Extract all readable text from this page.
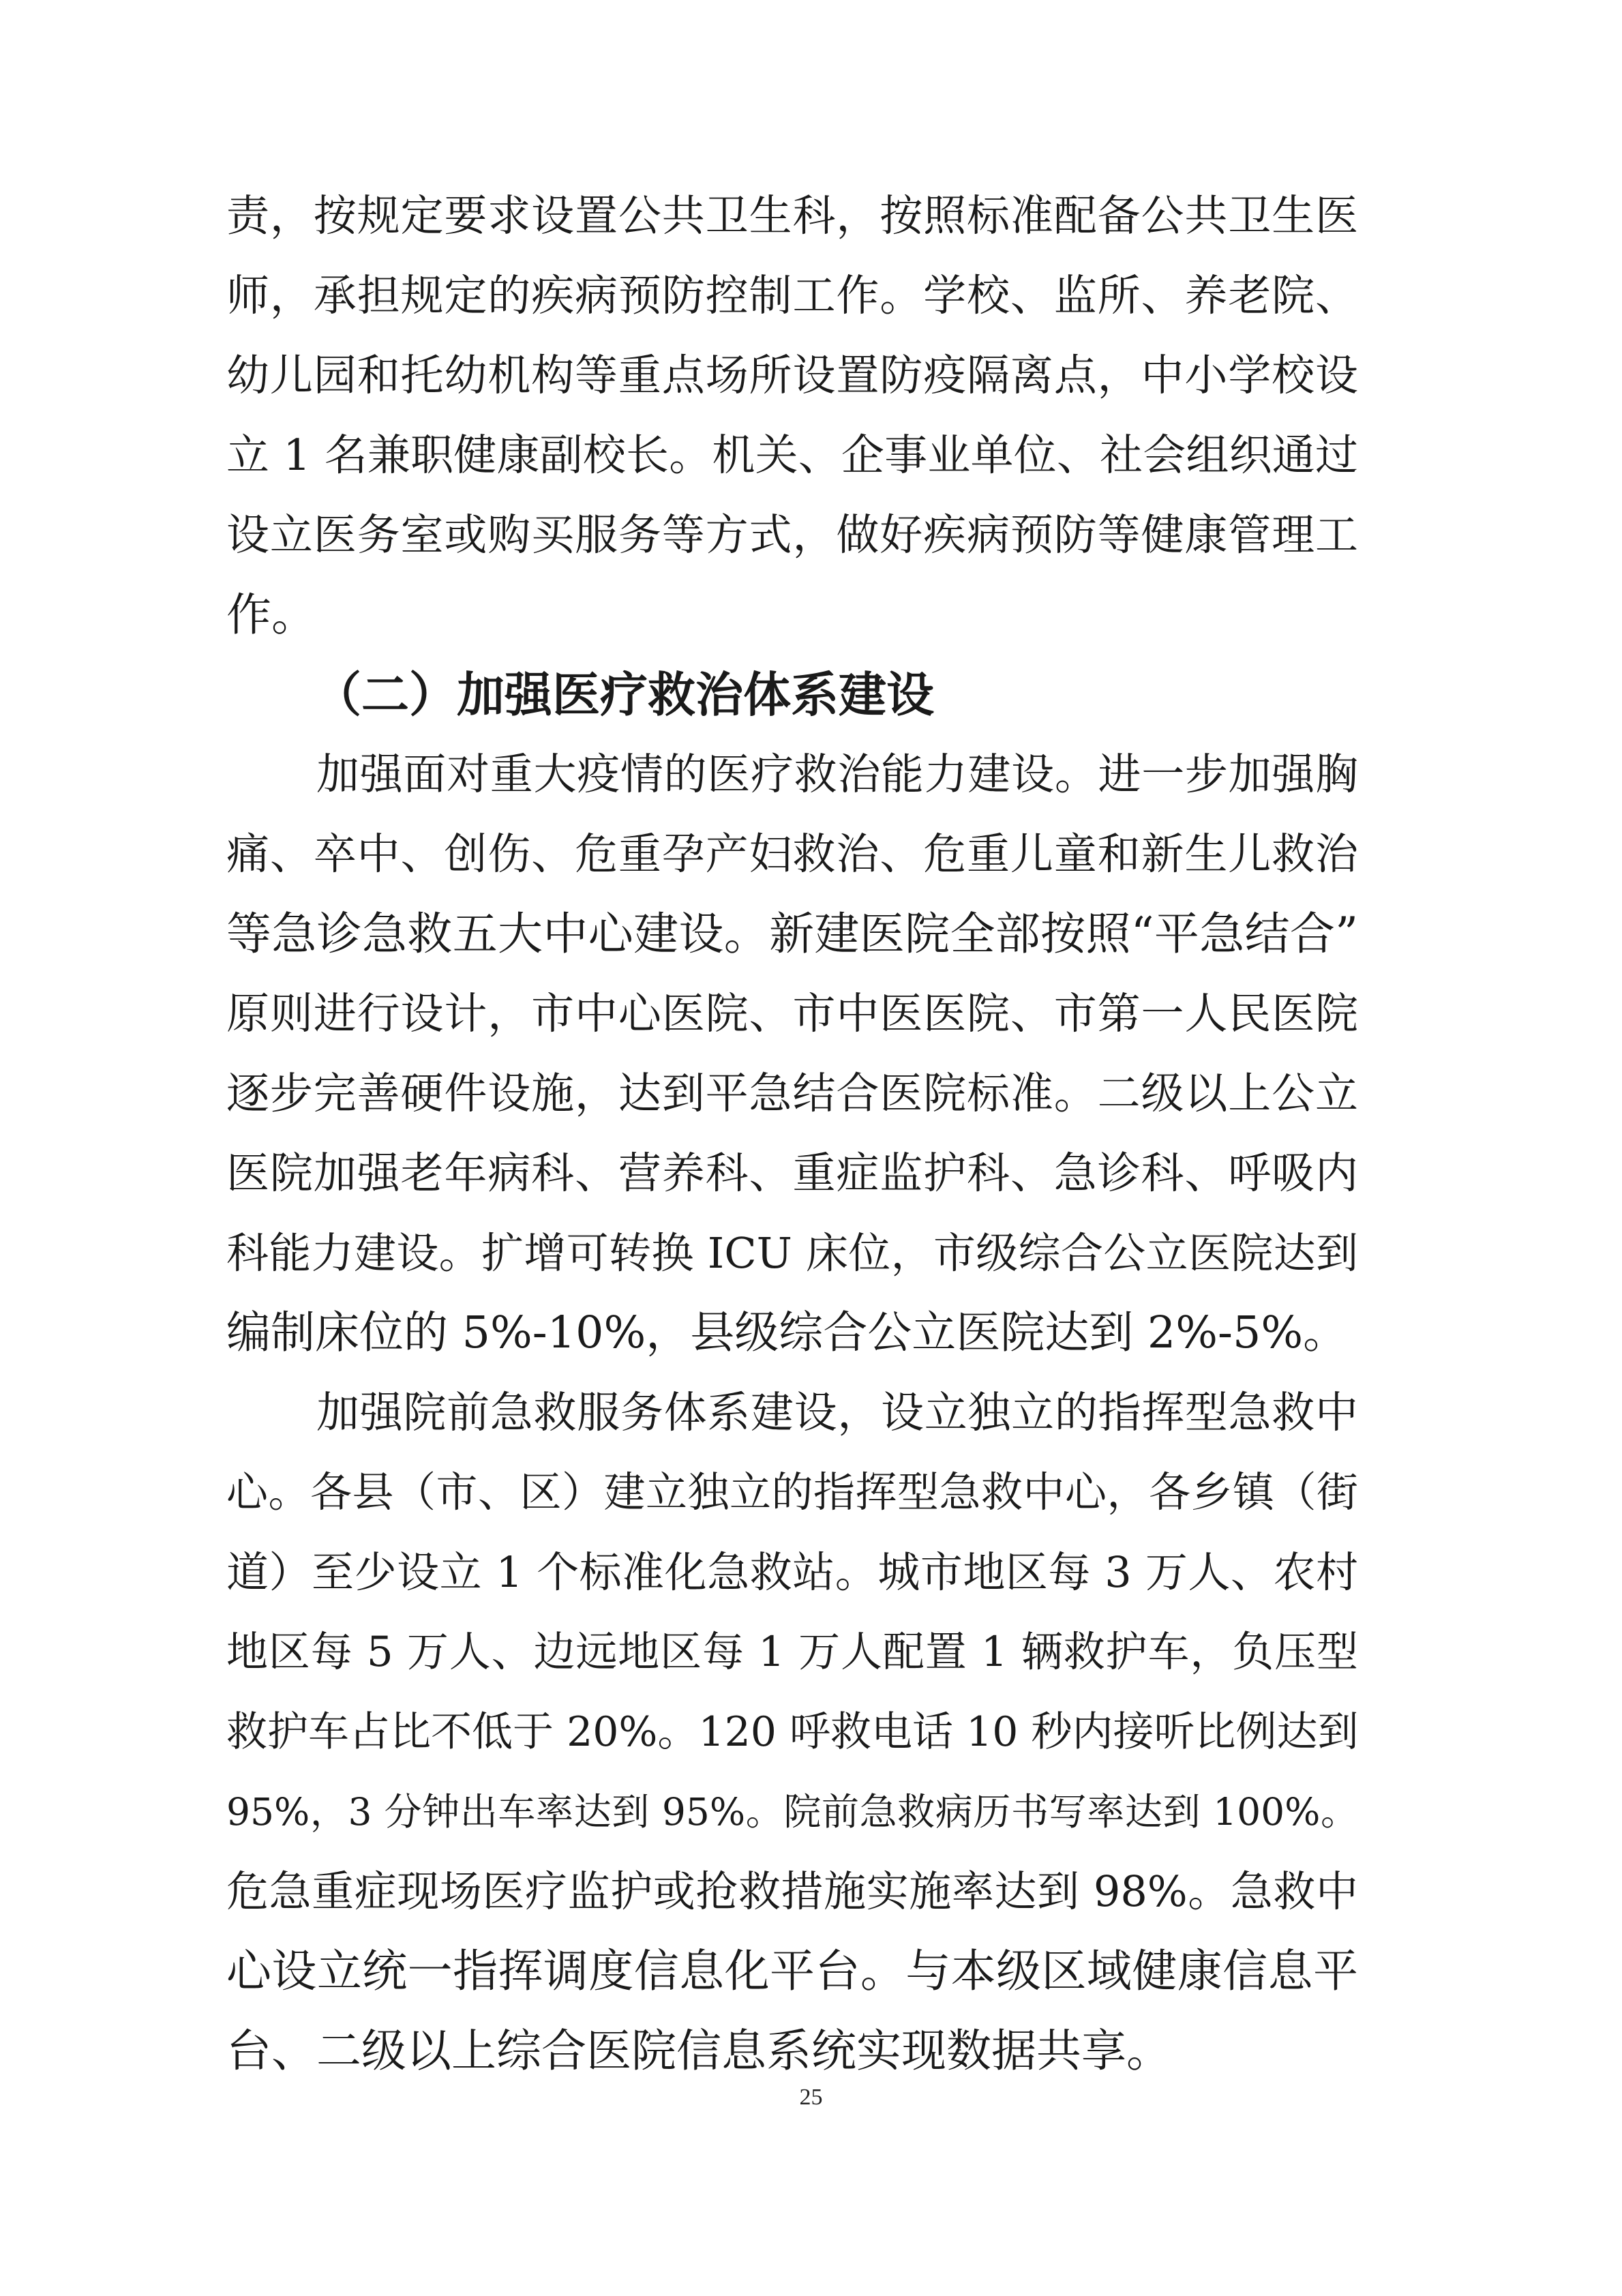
责，按规定要求设置公共卫生科，按照标准配备公共卫生医
师，承担规定的疾病预防控制工作。学校、监所、养老院、
幼儿园和托幼机构等重点场所设置防疫隔离点，中小学校设
立 1 名兼职健康副校长。机关、企事业单位、社会组织通过
设立医务室或购买服务等方式，做好疾病预防等健康管理工
作。
（二）加强医疗救治体系建设
加强面对重大疫情的医疗救治能力建设。进一步加强胸
痛、卒中、创伤、危重孕产妇救治、危重儿童和新生儿救治
等急诊急救五大中心建设。新建医院全部按照“平急结合”
原则进行设计，市中心医院、市中医医院、市第一人民医院
逐步完善硬件设施，达到平急结合医院标准。二级以上公立
医院加强老年病科、营养科、重症监护科、急诊科、呼吸内
科能力建设。扩增可转换 ICU 床位，市级综合公立医院达到
编制床位的 5%-10%，县级综合公立医院达到 2%-5%。
加强院前急救服务体系建设，设立独立的指挥型急救中
心。各县（市、区）建立独立的指挥型急救中心，各乡镇（街
道）至少设立 1 个标准化急救站。城市地区每 3 万人、农村
地区每 5 万人、边远地区每 1 万人配置 1 辆救护车，负压型
救护车占比不低于 20%。120 呼救电话 10 秒内接听比例达到
95%，3 分钟出车率达到 95%。院前急救病历书写率达到 100%。
危急重症现场医疗监护或抢救措施实施率达到 98%。急救中
心设立统一指挥调度信息化平台。与本级区域健康信息平
台、二级以上综合医院信息系统实现数据共享。
25
